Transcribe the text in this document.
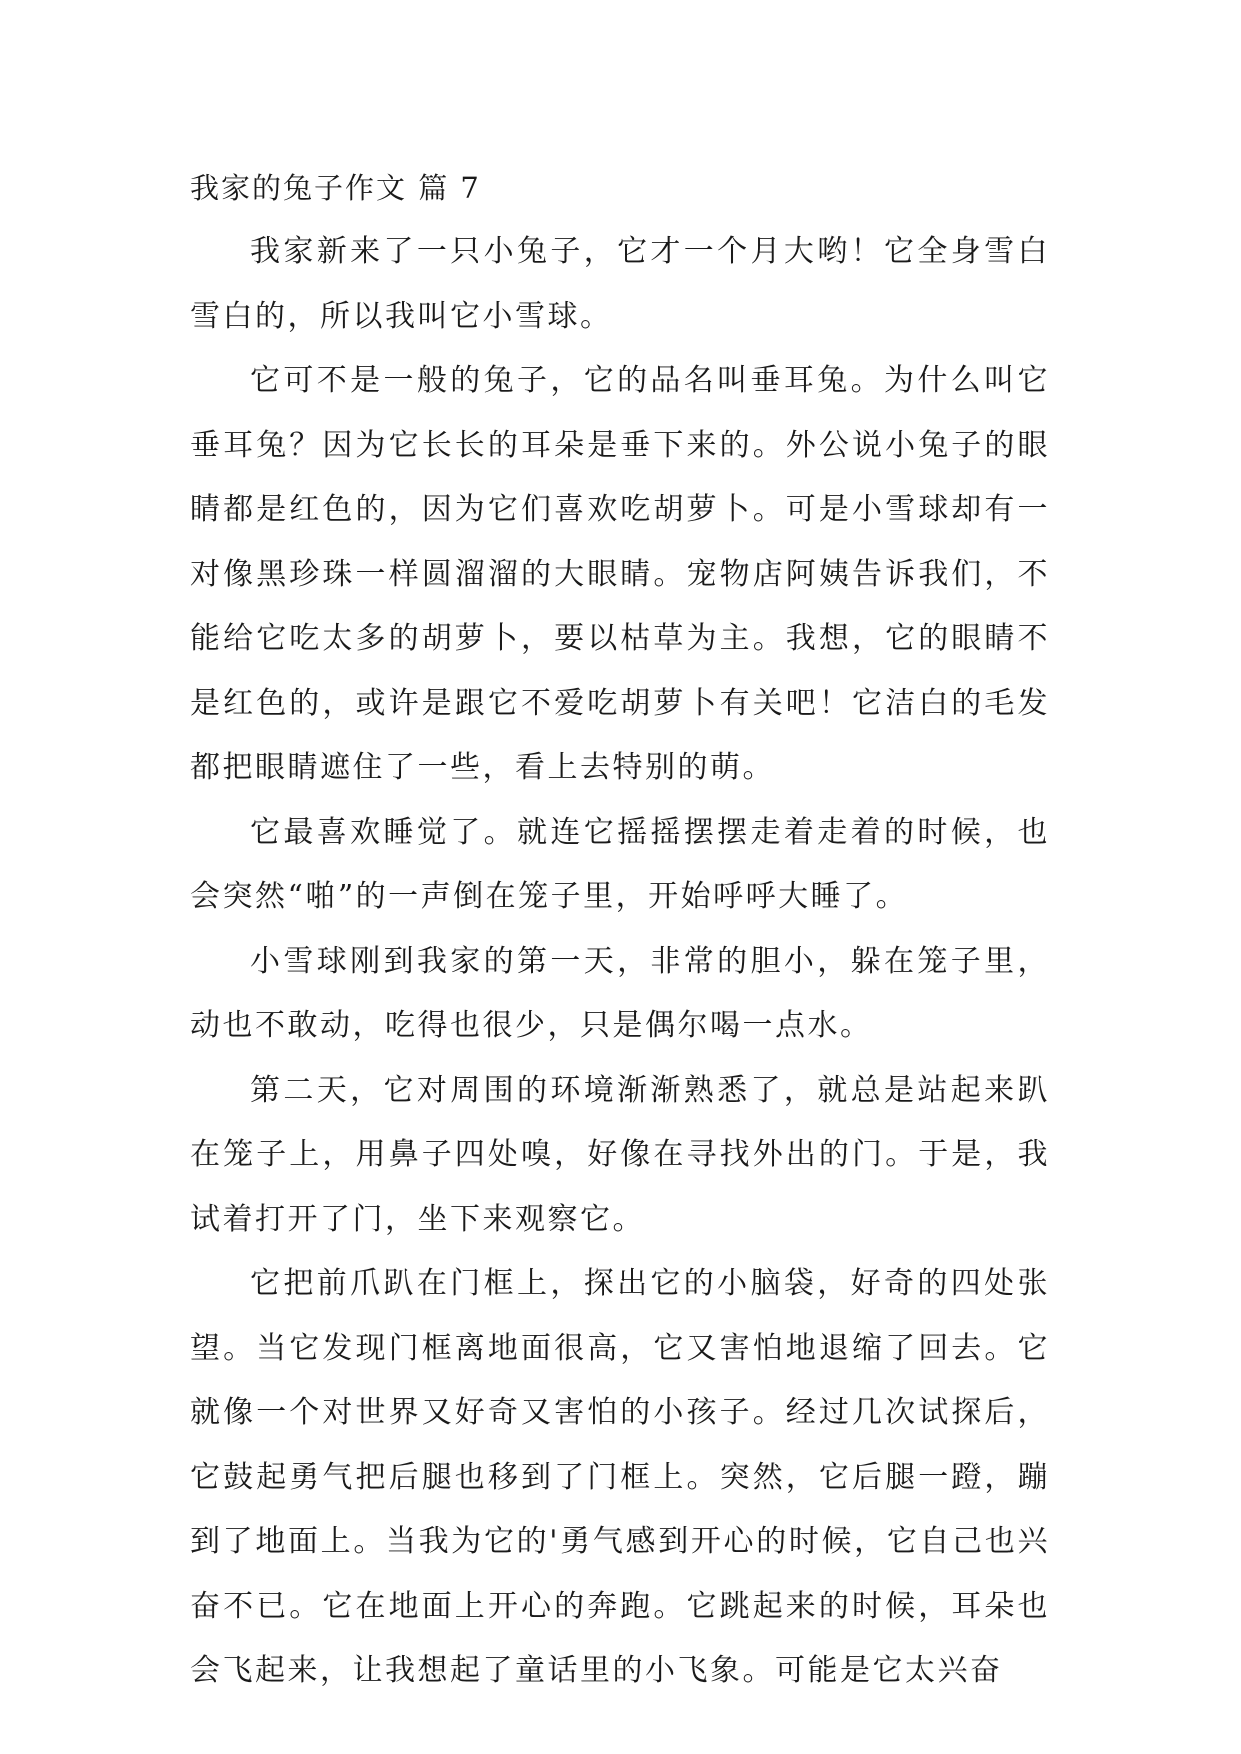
我家的兔子作文 篇 7

我家新来了一只小兔子，它才一个月大哟！它全身雪白雪白的，所以我叫它小雪球。

它可不是一般的兔子，它的品名叫垂耳兔。为什么叫它垂耳兔？因为它长长的耳朵是垂下来的。外公说小兔子的眼睛都是红色的，因为它们喜欢吃胡萝卜。可是小雪球却有一对像黑珍珠一样圆溜溜的大眼睛。宠物店阿姨告诉我们，不能给它吃太多的胡萝卜，要以枯草为主。我想，它的眼睛不是红色的，或许是跟它不爱吃胡萝卜有关吧！它洁白的毛发都把眼睛遮住了一些，看上去特别的萌。

它最喜欢睡觉了。就连它摇摇摆摆走着走着的时候，也会突然“啪”的一声倒在笼子里，开始呼呼大睡了。

小雪球刚到我家的第一天，非常的胆小，躲在笼子里，动也不敢动，吃得也很少，只是偶尔喝一点水。

第二天，它对周围的环境渐渐熟悉了，就总是站起来趴在笼子上，用鼻子四处嗅，好像在寻找外出的门。于是，我试着打开了门，坐下来观察它。

它把前爪趴在门框上，探出它的小脑袋，好奇的四处张望。当它发现门框离地面很高，它又害怕地退缩了回去。它就像一个对世界又好奇又害怕的小孩子。经过几次试探后，它鼓起勇气把后腿也移到了门框上。突然，它后腿一蹬，蹦到了地面上。当我为它的'勇气感到开心的时候，它自己也兴奋不已。它在地面上开心的奔跑。它跳起来的时候，耳朵也会飞起来，让我想起了童话里的小飞象。可能是它太兴奋
